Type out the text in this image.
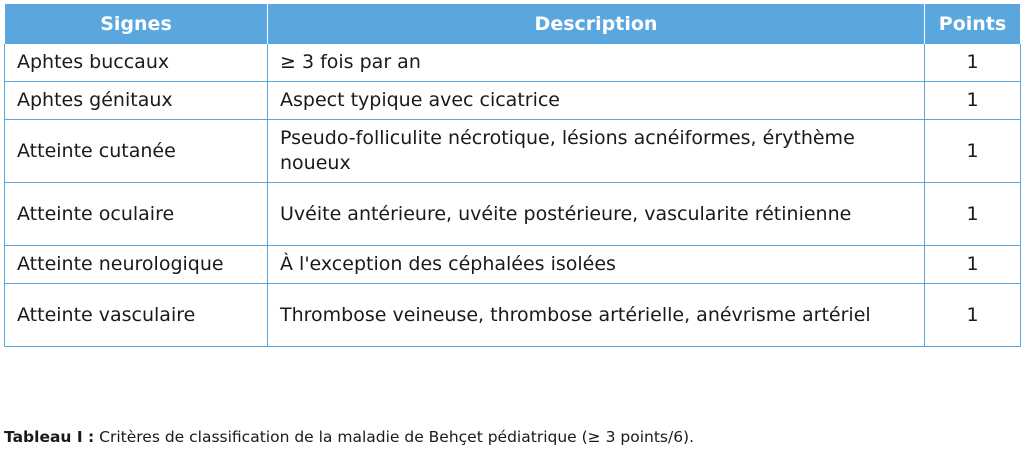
Signes	Description	Points
Aphtes buccaux	≥ 3 fois par an	1
Aphtes génitaux	Aspect typique avec cicatrice	1
Atteinte cutanée	Pseudo-folliculite nécrotique, lésions acnéiformes, érythème noueux	1
Atteinte oculaire	Uvéite antérieure, uvéite postérieure, vascularite rétinienne	1
Atteinte neurologique	À l'exception des céphalées isolées	1
Atteinte vasculaire	Thrombose veineuse, thrombose artérielle, anévrisme artériel	1
Tableau I : Critères de classification de la maladie de Behçet pédiatrique (≥ 3 points/6).
